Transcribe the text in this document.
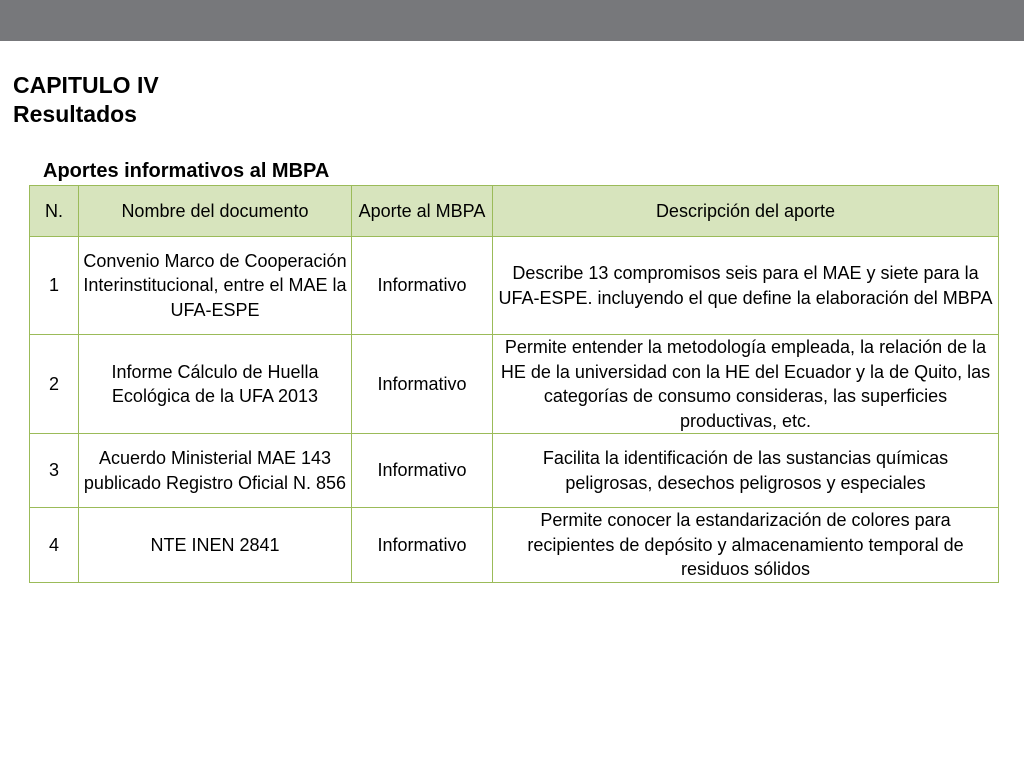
CAPITULO IV
Resultados
Aportes informativos al MBPA
N.	Nombre del documento	Aporte al MBPA	Descripción del aporte
1	Convenio Marco de Cooperación Interinstitucional, entre el MAE la UFA-ESPE	Informativo	Describe 13 compromisos seis para el MAE y siete para la UFA-ESPE. incluyendo el que define la elaboración del MBPA
2	Informe Cálculo de Huella Ecológica de la UFA 2013	Informativo	Permite entender la metodología empleada, la relación de la HE de la universidad con la HE del Ecuador y la de Quito, las categorías de consumo consideras, las superficies productivas, etc.
3	Acuerdo Ministerial MAE 143 publicado Registro Oficial N. 856	Informativo	Facilita la identificación de las sustancias químicas peligrosas, desechos peligrosos y especiales
4	NTE INEN 2841	Informativo	Permite conocer la estandarización de colores para recipientes de depósito y almacenamiento temporal de residuos sólidos
